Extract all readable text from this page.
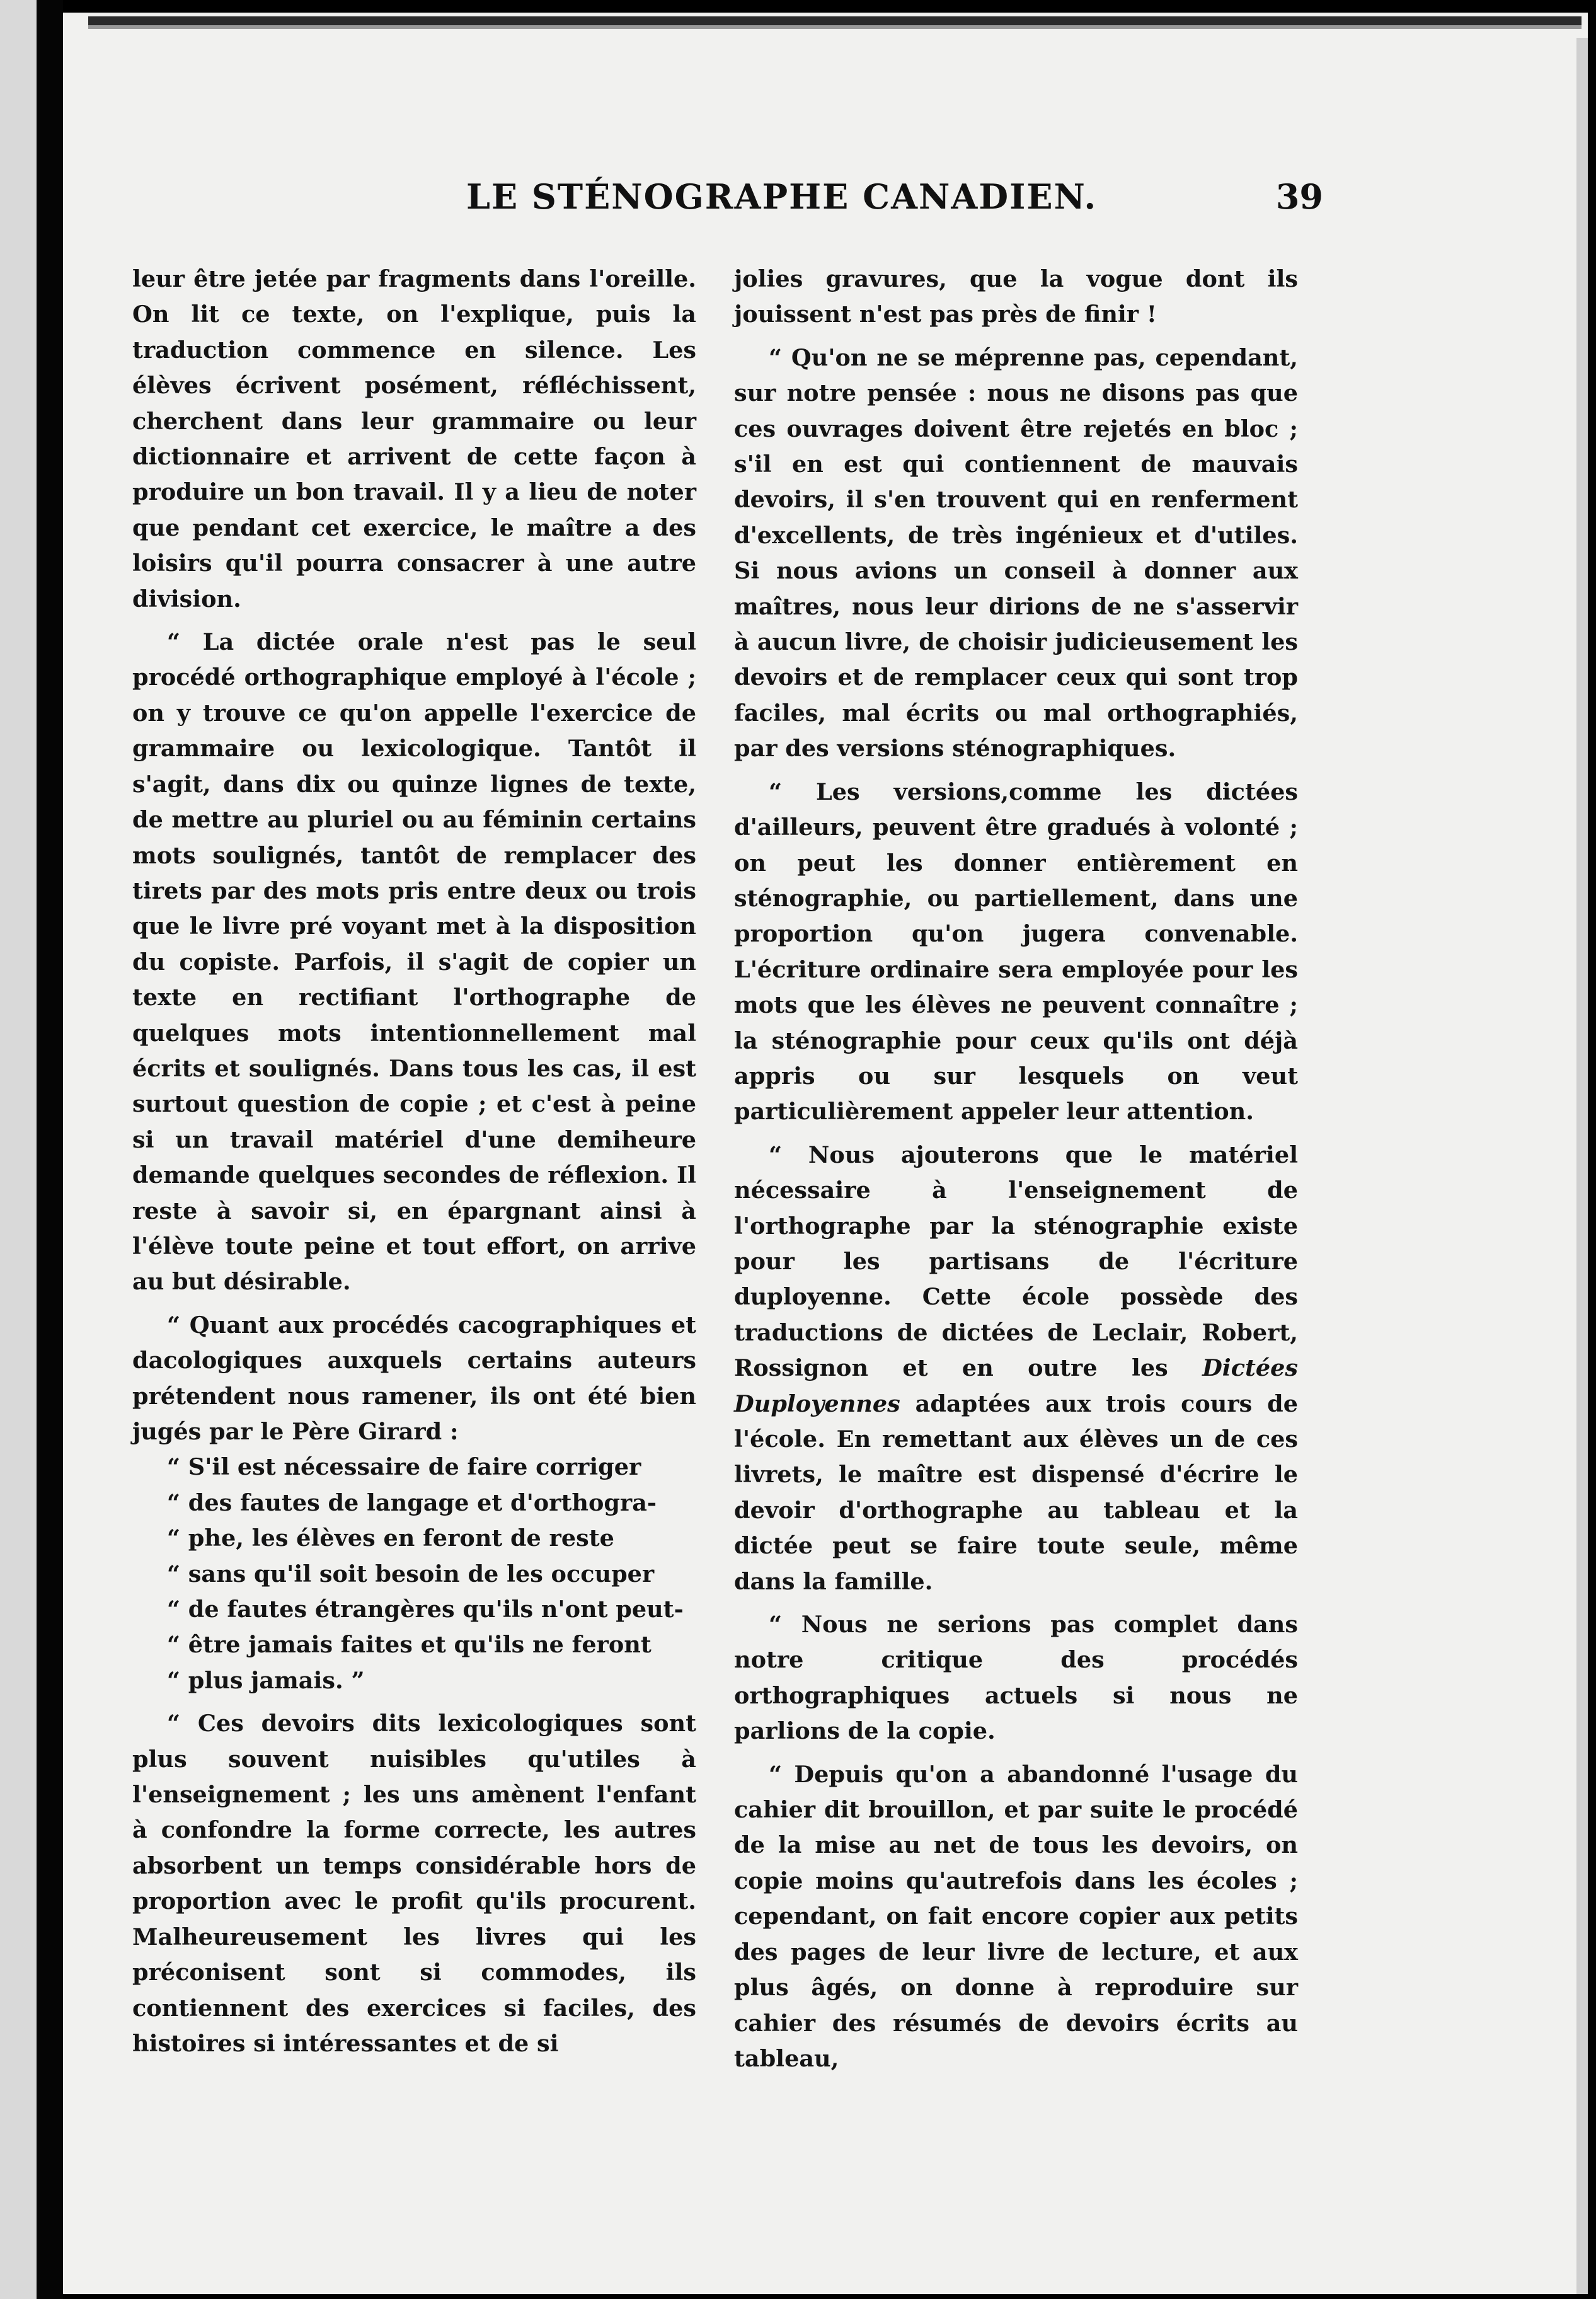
LE STÉNOGRAPHE CANADIEN.	39

leur être jetée par fragments dans l'oreille. On lit ce texte, on l'explique, puis la traduction commence en silence. Les élèves écrivent posément, réfléchissent, cherchent dans leur grammaire ou leur dictionnaire et arrivent de cette façon à produire un bon travail. Il y a lieu de noter que pendant cet exercice, le maître a des loisirs qu'il pourra consacrer à une autre division.

“ La dictée orale n'est pas le seul procédé orthographique employé à l'école ; on y trouve ce qu'on appelle l'exercice de grammaire ou lexicologique. Tantôt il s'agit, dans dix ou quinze lignes de texte, de mettre au pluriel ou au féminin certains mots soulignés, tantôt de remplacer des tirets par des mots pris entre deux ou trois que le livre pré voyant met à la disposition du copiste. Parfois, il s'agit de copier un texte en rectifiant l'orthographe de quelques mots intentionnellement mal écrits et soulignés. Dans tous les cas, il est surtout question de copie ; et c'est à peine si un travail matériel d'une demiheure demande quelques secondes de réflexion. Il reste à savoir si, en épargnant ainsi à l'élève toute peine et tout effort, on arrive au but désirable.

“ Quant aux procédés cacographiques et dacologiques auxquels certains auteurs prétendent nous ramener, ils ont été bien jugés par le Père Girard :
“ S'il est nécessaire de faire corriger
“ des fautes de langage et d'orthogra-
“ phe, les élèves en feront de reste
“ sans qu'il soit besoin de les occuper
“ de fautes étrangères qu'ils n'ont peut-
“ être jamais faites et qu'ils ne feront
“ plus jamais. ”

“ Ces devoirs dits lexicologiques sont plus souvent nuisibles qu'utiles à l'enseignement ; les uns amènent l'enfant à confondre la forme correcte, les autres absorbent un temps considérable hors de proportion avec le profit qu'ils procurent. Malheureusement les livres qui les préconisent sont si commodes, ils contiennent des exercices si faciles, des histoires si intéressantes et de si

jolies gravures, que la vogue dont ils jouissent n'est pas près de finir !

“ Qu'on ne se méprenne pas, cependant, sur notre pensée : nous ne disons pas que ces ouvrages doivent être rejetés en bloc ; s'il en est qui contiennent de mauvais devoirs, il s'en trouvent qui en renferment d'excellents, de très ingénieux et d'utiles. Si nous avions un conseil à donner aux maîtres, nous leur dirions de ne s'asservir à aucun livre, de choisir judicieusement les devoirs et de remplacer ceux qui sont trop faciles, mal écrits ou mal orthographiés, par des versions sténographiques.

“ Les versions,comme les dictées d'ailleurs, peuvent être gradués à volonté ; on peut les donner entièrement en sténographie, ou partiellement, dans une proportion qu'on jugera convenable. L'écriture ordinaire sera employée pour les mots que les élèves ne peuvent connaître ; la sténographie pour ceux qu'ils ont déjà appris ou sur lesquels on veut particulièrement appeler leur attention.

“ Nous ajouterons que le matériel nécessaire à l'enseignement de l'orthographe par la sténographie existe pour les partisans de l'écriture duployenne. Cette école possède des traductions de dictées de Leclair, Robert, Rossignon et en outre les Dictées Duployennes adaptées aux trois cours de l'école. En remettant aux élèves un de ces livrets, le maître est dispensé d'écrire le devoir d'orthographe au tableau et la dictée peut se faire toute seule, même dans la famille.

“ Nous ne serions pas complet dans notre critique des procédés orthographiques actuels si nous ne parlions de la copie.

“ Depuis qu'on a abandonné l'usage du cahier dit brouillon, et par suite le procédé de la mise au net de tous les devoirs, on copie moins qu'autrefois dans les écoles ; cependant, on fait encore copier aux petits des pages de leur livre de lecture, et aux plus âgés, on donne à reproduire sur cahier des résumés de devoirs écrits au tableau,
